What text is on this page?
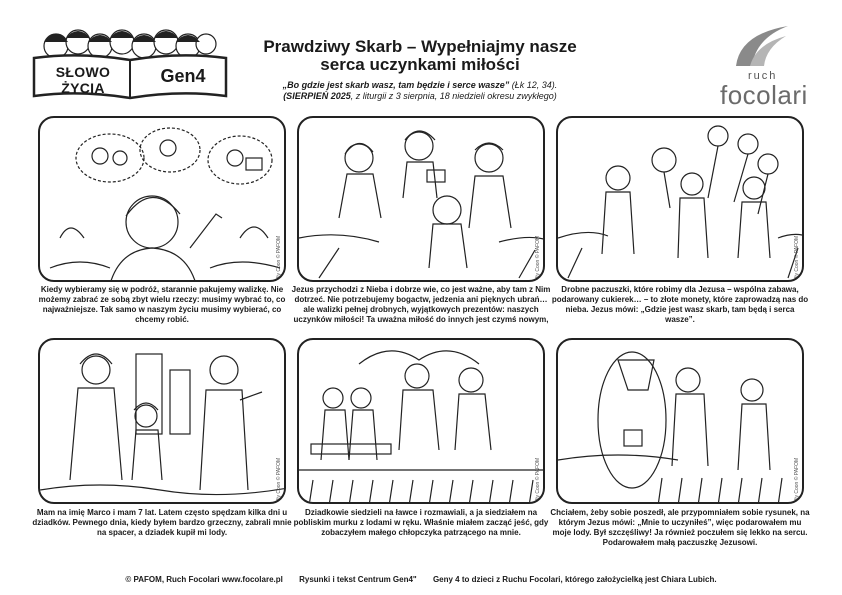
SŁOWO ŻYCIA
Gen4
Prawdziwy Skarb – Wypełniajmy nasze serca uczynkami miłości
„Bo gdzie jest skarb wasz, tam będzie i serce wasze” (Łk 12, 34).
(SIERPIEŃ 2025, z liturgii z 3 sierpnia, 18 niedzieli okresu zwykłego)
ruch
focolari
Ily Coon © PAFOM
Kiedy wybieramy się w podróż, starannie pakujemy walizkę. Nie możemy zabrać ze sobą zbyt wielu rzeczy: musimy wybrać to, co najważniejsze. Tak samo w naszym życiu musimy wybierać, co chcemy robić.
Ily Coon © PAFOM
Jezus przychodzi z Nieba i dobrze wie, co jest ważne, aby tam z Nim dotrzeć. Nie potrzebujemy bogactw, jedzenia ani pięknych ubrań… ale walizki pełnej drobnych, wyjątkowych prezentów: naszych uczynków miłości! Ta uważna miłość do innych jest czymś nowym,
Ily Coon © PAFOM
Drobne paczuszki, które robimy dla Jezusa – wspólna zabawa, podarowany cukierek… – to złote monety, które zaprowadzą nas do nieba. Jezus mówi: „Gdzie jest wasz skarb, tam będą i serca wasze”.
Ily Coon © PAFOM
Mam na imię Marco i mam 7 lat. Latem często spędzam kilka dni u dziadków. Pewnego dnia, kiedy byłem bardzo grzeczny, zabrali mnie na spacer, a dziadek kupił mi lody.
Ily Coon © PAFOM
Dziadkowie siedzieli na ławce i rozmawiali, a ja siedziałem na pobliskim murku z lodami w ręku. Właśnie miałem zacząć jeść, gdy zobaczyłem małego chłopczyka patrzącego na mnie.
Ily Coon © PAFOM
Chciałem, żeby sobie poszedł, ale przypomniałem sobie rysunek, na którym Jezus mówi: „Mnie to uczyniłeś”, więc podarowałem mu moje lody. Był szczęśliwy! Ja również poczułem się lekko na sercu. Podarowałem małą paczuszkę Jezusowi.
© PAFOM, Ruch Focolari www.focolare.pl Rysunki i tekst Centrum Gen4" Geny 4 to dzieci z Ruchu Focolari, którego założycielką jest Chiara Lubich.
